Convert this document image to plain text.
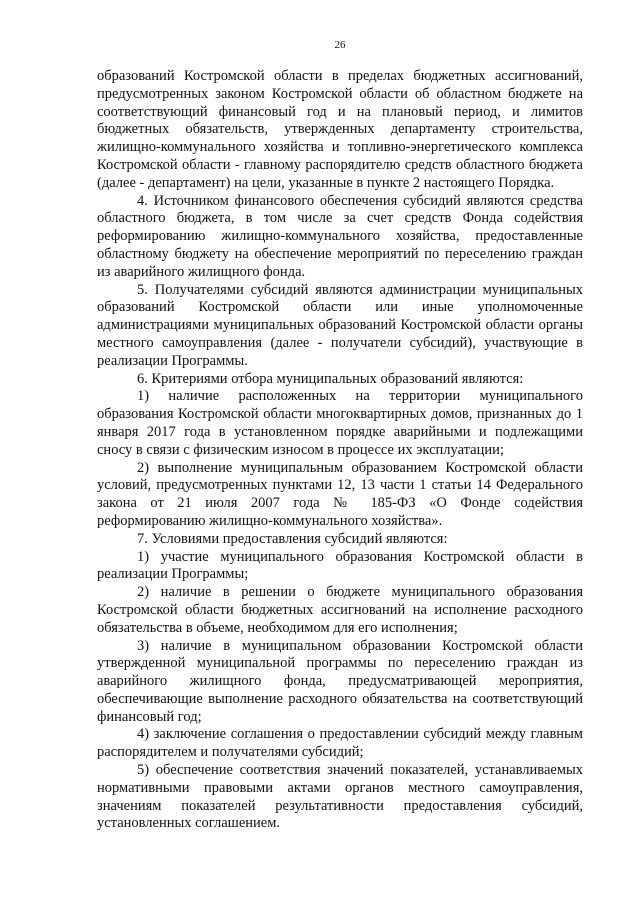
26

образований Костромской области в пределах бюджетных ассигнований, предусмотренных законом Костромской области об областном бюджете на соответствующий финансовый год и на плановый период, и лимитов бюджетных обязательств, утвержденных департаменту строительства, жилищно-коммунального хозяйства и топливно-энергетического комплекса Костромской области - главному распорядителю средств областного бюджета (далее - департамент) на цели, указанные в пункте 2 настоящего Порядка.

4. Источником финансового обеспечения субсидий являются средства областного бюджета, в том числе за счет средств Фонда содействия реформированию жилищно-коммунального хозяйства, предоставленные областному бюджету на обеспечение мероприятий по переселению граждан из аварийного жилищного фонда.

5. Получателями субсидий являются администрации муниципальных образований Костромской области или иные уполномоченные администрациями муниципальных образований Костромской области органы местного самоуправления (далее - получатели субсидий), участвующие в реализации Программы.

6. Критериями отбора муниципальных образований являются:

1) наличие расположенных на территории муниципального образования Костромской области многоквартирных домов, признанных до 1 января 2017 года в установленном порядке аварийными и подлежащими сносу в связи с физическим износом в процессе их эксплуатации;

2) выполнение муниципальным образованием Костромской области условий, предусмотренных пунктами 12, 13 части 1 статьи 14 Федерального закона от 21 июля 2007 года № 185-ФЗ «О Фонде содействия реформированию жилищно-коммунального хозяйства».

7. Условиями предоставления субсидий являются:

1) участие муниципального образования Костромской области в реализации Программы;

2) наличие в решении о бюджете муниципального образования Костромской области бюджетных ассигнований на исполнение расходного обязательства в объеме, необходимом для его исполнения;

3) наличие в муниципальном образовании Костромской области утвержденной муниципальной программы по переселению граждан из аварийного жилищного фонда, предусматривающей мероприятия, обеспечивающие выполнение расходного обязательства на соответствующий финансовый год;

4) заключение соглашения о предоставлении субсидий между главным распорядителем и получателями субсидий;

5) обеспечение соответствия значений показателей, устанавливаемых нормативными правовыми актами органов местного самоуправления, значениям показателей результативности предоставления субсидий, установленных соглашением.
